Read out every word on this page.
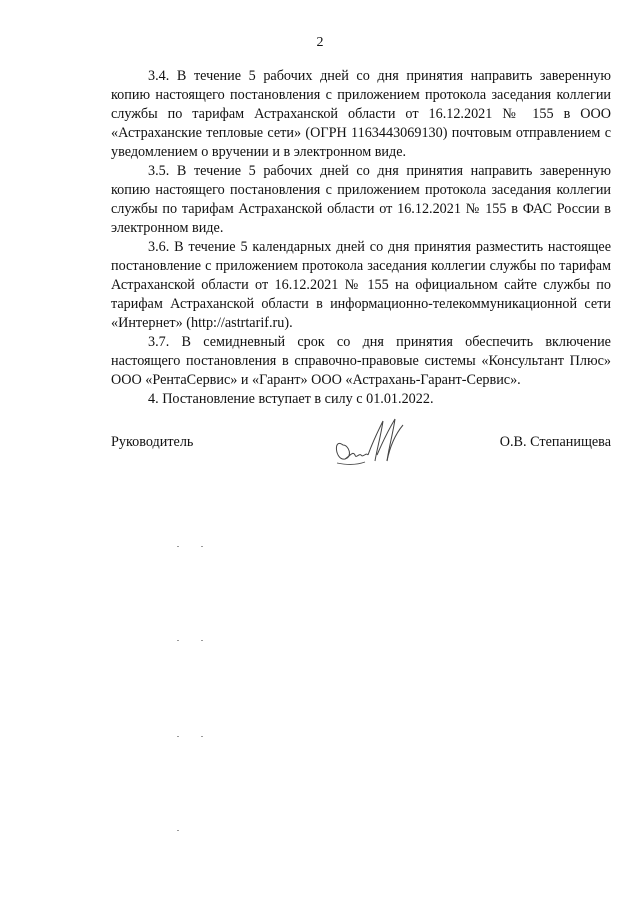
2

3.4. В течение 5 рабочих дней со дня принятия направить заверенную копию настоящего постановления с приложением протокола заседания коллегии службы по тарифам Астраханской области от 16.12.2021 № 155 в ООО «Астраханские тепловые сети» (ОГРН 1163443069130) почтовым отправлением с уведомлением о вручении и в электронном виде.

3.5. В течение 5 рабочих дней со дня принятия направить заверенную копию настоящего постановления с приложением протокола заседания коллегии службы по тарифам Астраханской области от 16.12.2021 № 155 в ФАС России в электронном виде.

3.6. В течение 5 календарных дней со дня принятия разместить настоящее постановление с приложением протокола заседания коллегии службы по тарифам Астраханской области от 16.12.2021 № 155 на официальном сайте службы по тарифам Астраханской области в информационно-телекоммуникационной сети «Интернет» (http://astrtarif.ru).

3.7. В семидневный срок со дня принятия обеспечить включение настоящего постановления в справочно-правовые системы «Консультант Плюс» ООО «РентаСервис» и «Гарант» ООО «Астрахань-Гарант-Сервис».

4. Постановление вступает в силу с 01.01.2022.

Руководитель	О.В. Степанищева
